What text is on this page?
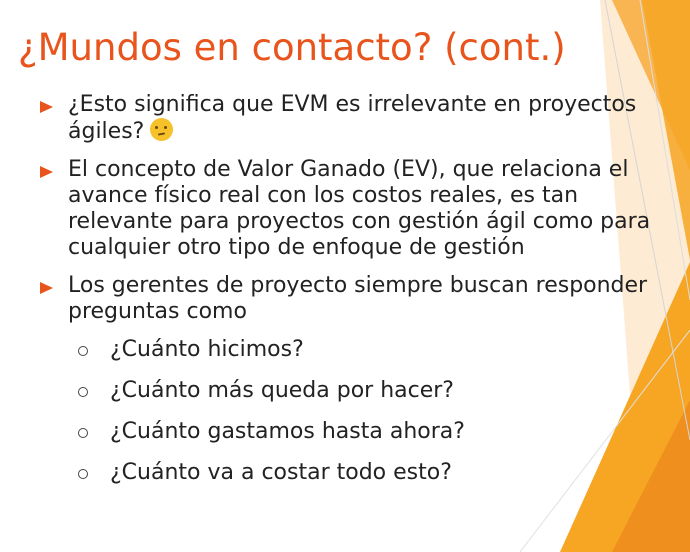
¿Mundos en contacto? (cont.)
¿Esto significa que EVM es irrelevante en proyectos ágiles?
El concepto de Valor Ganado (EV), que relaciona el avance físico real con los costos reales, es tan relevante para proyectos con gestión ágil como para cualquier otro tipo de enfoque de gestión
Los gerentes de proyecto siempre buscan responder preguntas como
¿Cuánto hicimos?
¿Cuánto más queda por hacer?
¿Cuánto gastamos hasta ahora?
¿Cuánto va a costar todo esto?
